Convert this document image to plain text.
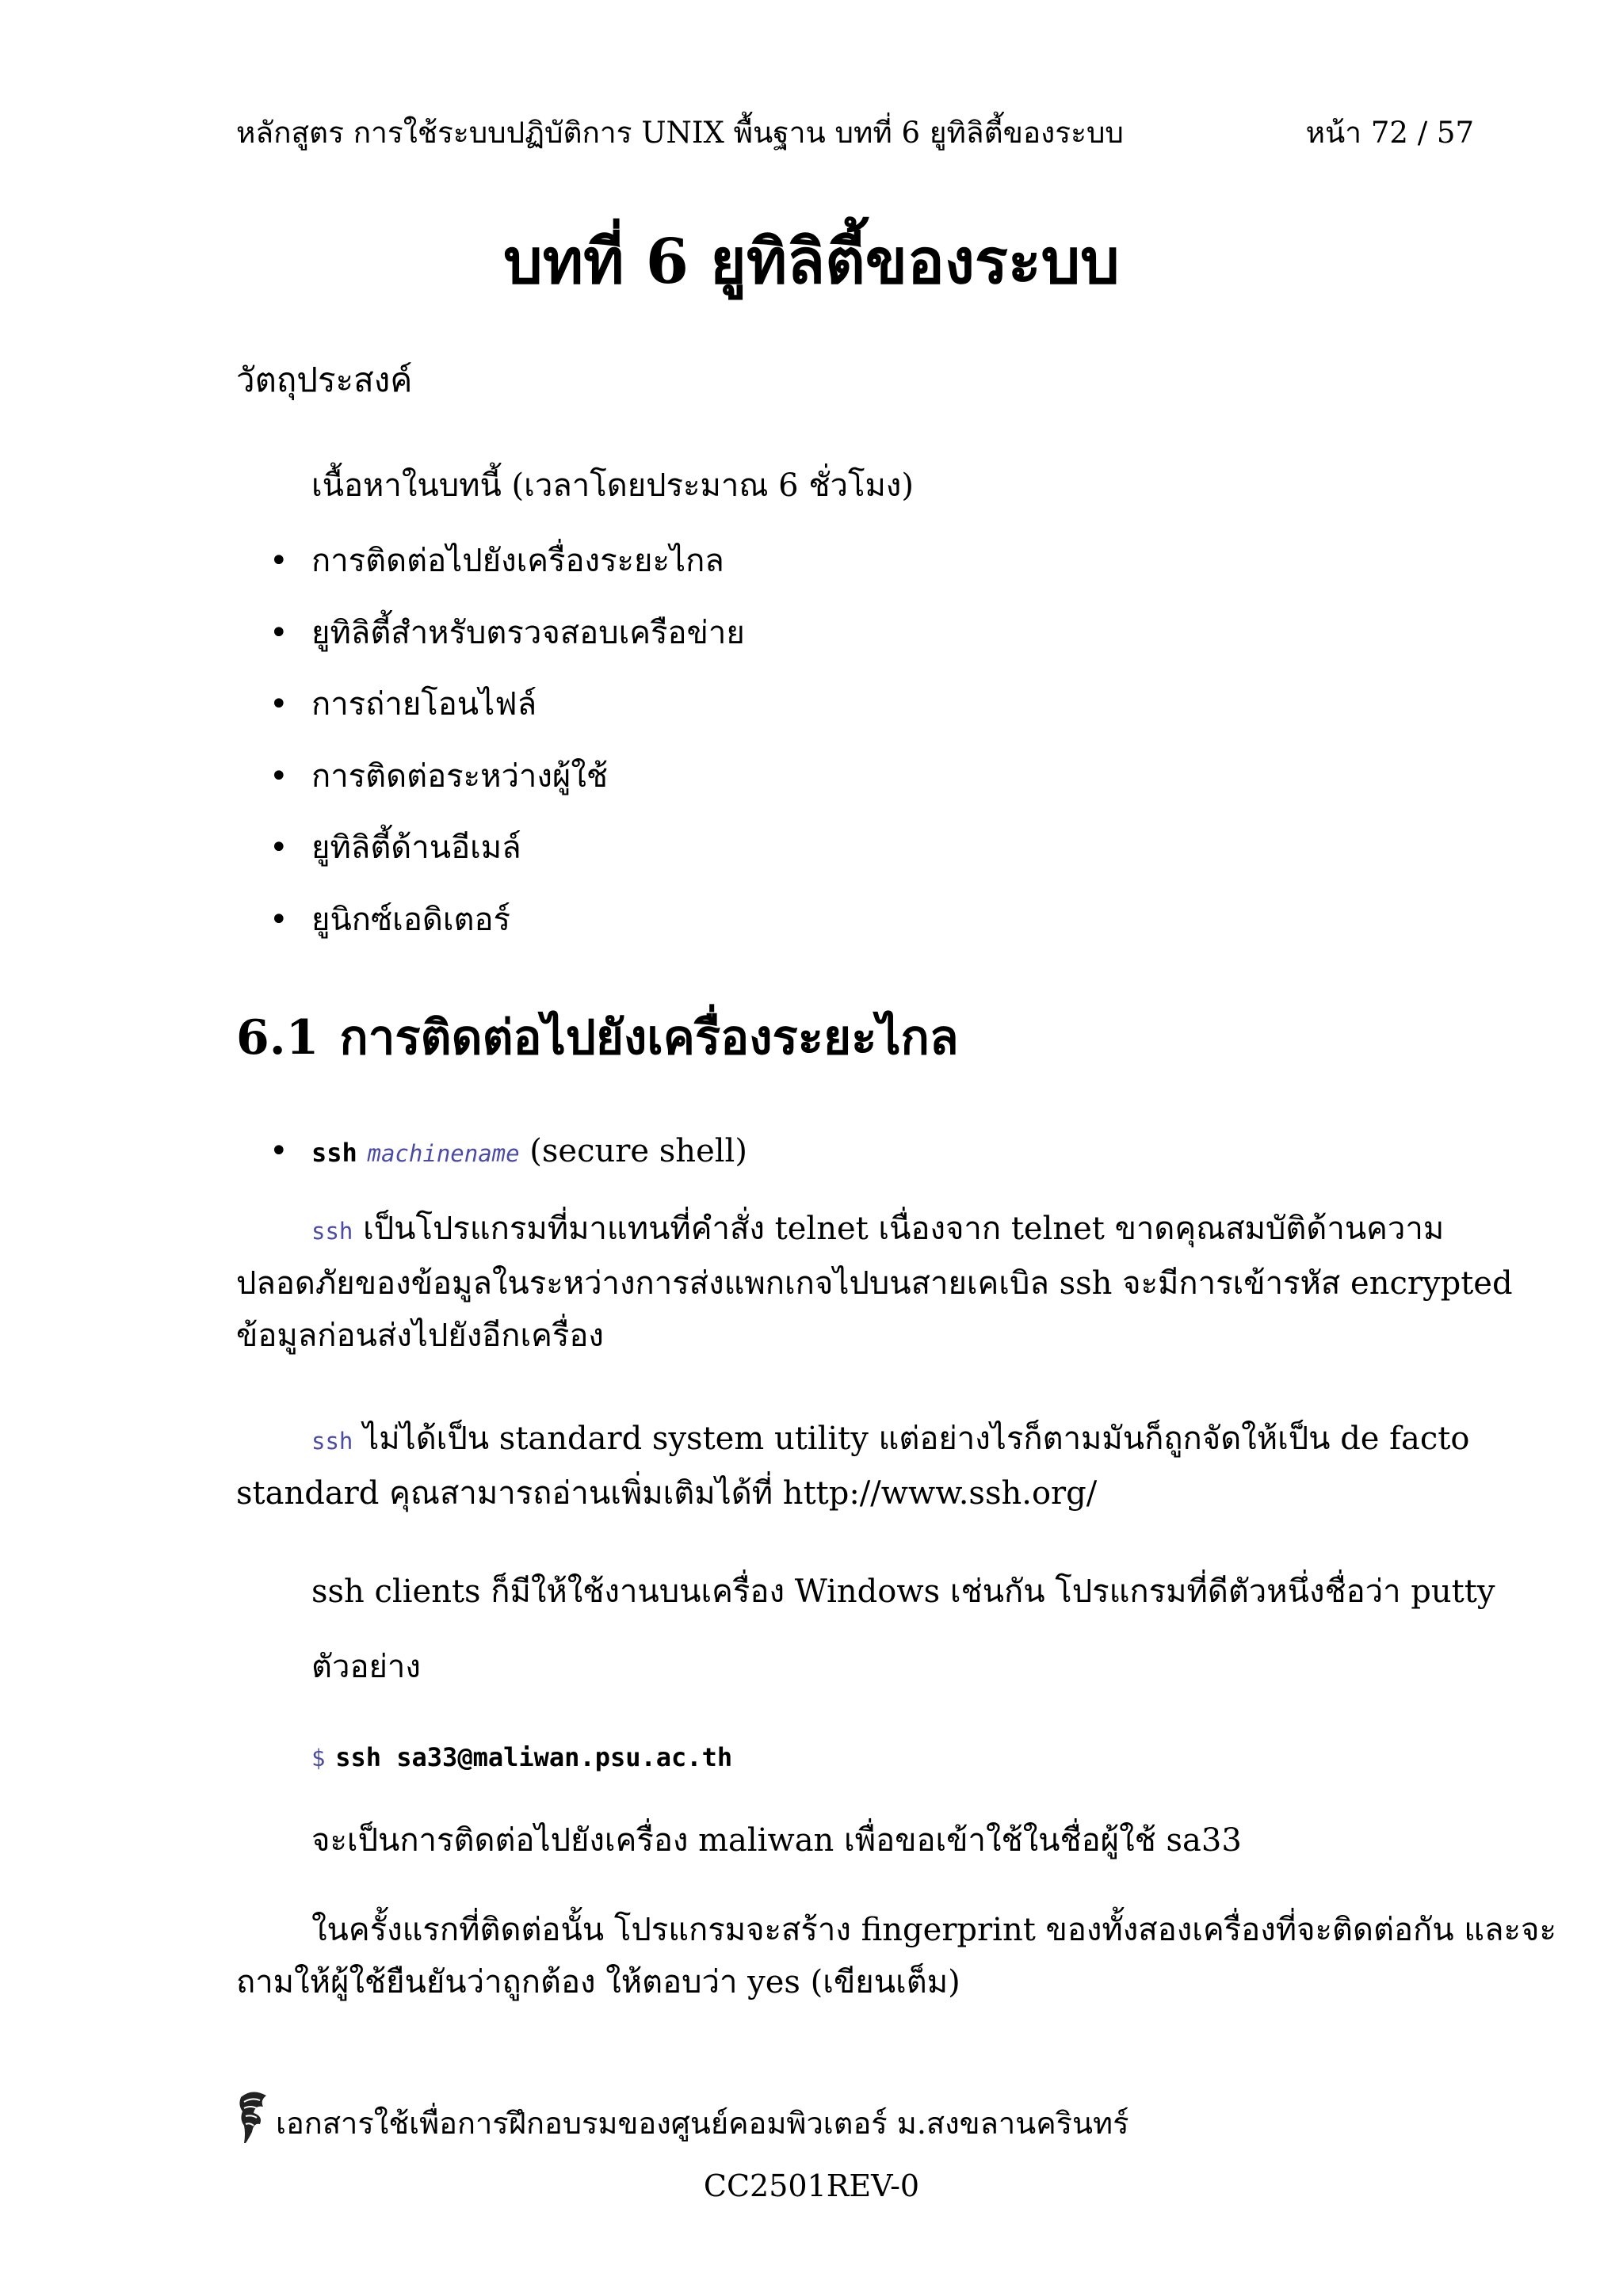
หลักสูตร การใช้ระบบปฏิบัติการ UNIX พื้นฐาน บทที่ 6 ยูทิลิตี้ของระบบ	หน้า 72 / 57
บทที่ 6 ยูทิลิตี้ของระบบ
วัตถุประสงค์
เนื้อหาในบทนี้ (เวลาโดยประมาณ 6 ชั่วโมง)
• การติดต่อไปยังเครื่องระยะไกล
• ยูทิลิตี้สำหรับตรวจสอบเครือข่าย
• การถ่ายโอนไฟล์
• การติดต่อระหว่างผู้ใช้
• ยูทิลิตี้ด้านอีเมล์
• ยูนิกซ์เอดิเตอร์
6.1 การติดต่อไปยังเครื่องระยะไกล
• ssh machinename (secure shell)
ssh เป็นโปรแกรมที่มาแทนที่คำสั่ง telnet เนื่องจาก telnet ขาดคุณสมบัติด้านความ
ปลอดภัยของข้อมูลในระหว่างการส่งแพกเกจไปบนสายเคเบิล ssh จะมีการเข้ารหัส encrypted
ข้อมูลก่อนส่งไปยังอีกเครื่อง
ssh ไม่ได้เป็น standard system utility แต่อย่างไรก็ตามมันก็ถูกจัดให้เป็น de facto
standard คุณสามารถอ่านเพิ่มเติมได้ที่ http://www.ssh.org/
ssh clients ก็มีให้ใช้งานบนเครื่อง Windows เช่นกัน โปรแกรมที่ดีตัวหนึ่งชื่อว่า putty
ตัวอย่าง
$ ssh sa33@maliwan.psu.ac.th
จะเป็นการติดต่อไปยังเครื่อง maliwan เพื่อขอเข้าใช้ในชื่อผู้ใช้ sa33
ในครั้งแรกที่ติดต่อนั้น โปรแกรมจะสร้าง fingerprint ของทั้งสองเครื่องที่จะติดต่อกัน และจะ
ถามให้ผู้ใช้ยืนยันว่าถูกต้อง ให้ตอบว่า yes (เขียนเต็ม)
เอกสารใช้เพื่อการฝึกอบรมของศูนย์คอมพิวเตอร์ ม.สงขลานครินทร์
CC2501REV-0
